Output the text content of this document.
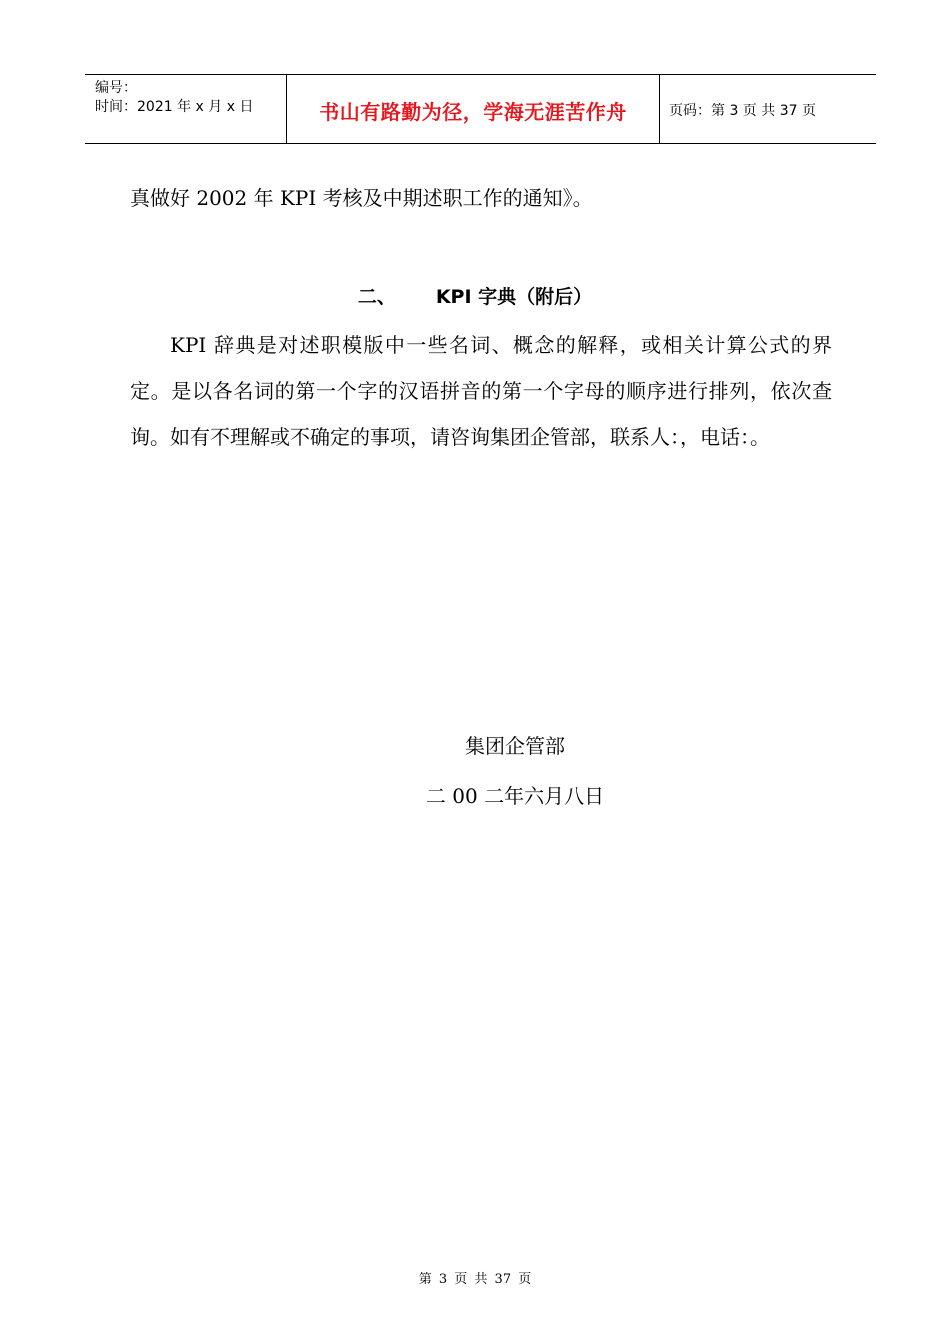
编号：
时间：2021 年 x 月 x 日	书山有路勤为径，学海无涯苦作舟	页码：第 3 页 共 37 页

真做好 2002 年 KPI 考核及中期述职工作的通知》。

二、 KPI 字典（附后）

KPI 辞典是对述职模版中一些名词、概念的解释，或相关计算公式的界定。是以各名词的第一个字的汉语拼音的第一个字母的顺序进行排列，依次查询。如有不理解或不确定的事项，请咨询集团企管部，联系人：，电话：。

集团企管部
二 00 二年六月八日
第 3 页 共 37 页
